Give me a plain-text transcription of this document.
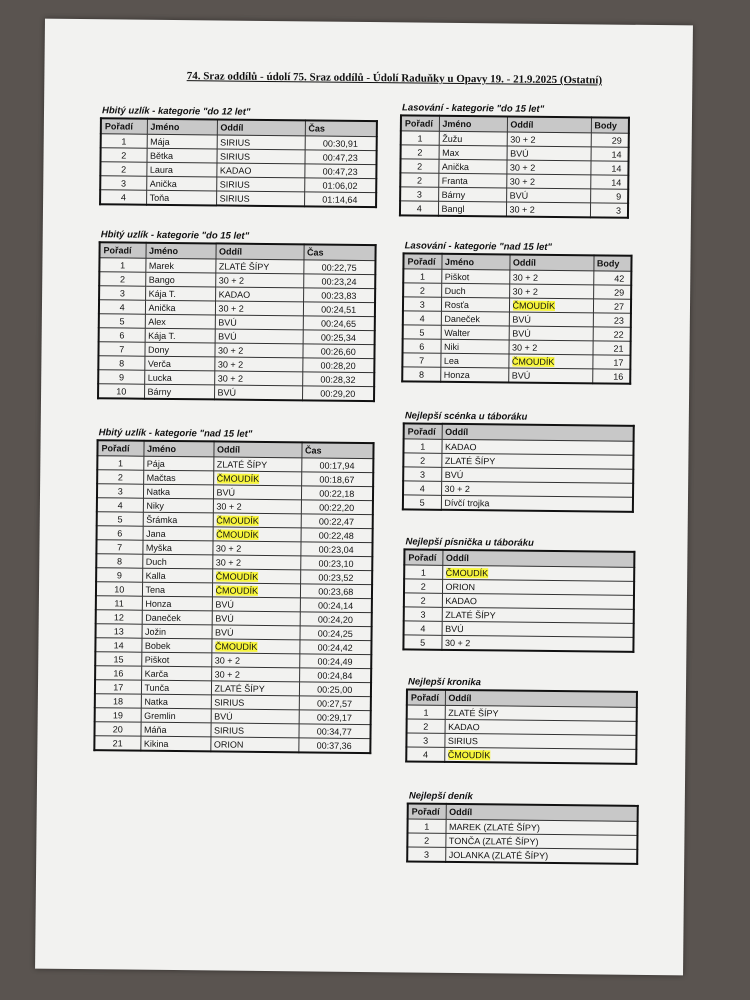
74. Sraz oddílů - údolí 75. Sraz oddílů - Údolí Raduňky u Opavy 19. - 21.9.2025 (Ostatní)
Hbitý uzlík - kategorie "do 12 let"
Pořadí	Jméno	Oddíl	Čas
1	Mája	SIRIUS	00:30,91
2	Bětka	SIRIUS	00:47,23
2	Laura	KADAO	00:47,23
3	Anička	SIRIUS	01:06,02
4	Toňa	SIRIUS	01:14,64
Hbitý uzlík - kategorie "do 15 let"
Pořadí	Jméno	Oddíl	Čas
1	Marek	ZLATÉ ŠÍPY	00:22,75
2	Bango	30 + 2	00:23,24
3	Kája T.	KADAO	00:23,83
4	Anička	30 + 2	00:24,51
5	Alex	BVÚ	00:24,65
6	Kája T.	BVÚ	00:25,34
7	Dony	30 + 2	00:26,60
8	Verča	30 + 2	00:28,20
9	Lucka	30 + 2	00:28,32
10	Bárny	BVÚ	00:29,20
Hbitý uzlík - kategorie "nad 15 let"
Pořadí	Jméno	Oddíl	Čas
1	Pája	ZLATÉ ŠÍPY	00:17,94
2	Mačtas	ČMOUDÍK	00:18,67
3	Natka	BVÚ	00:22,18
4	Niky	30 + 2	00:22,20
5	Šrámka	ČMOUDÍK	00:22,47
6	Jana	ČMOUDÍK	00:22,48
7	Myška	30 + 2	00:23,04
8	Duch	30 + 2	00:23,10
9	Kalla	ČMOUDÍK	00:23,52
10	Tena	ČMOUDÍK	00:23,68
11	Honza	BVÚ	00:24,14
12	Daneček	BVÚ	00:24,20
13	Jožin	BVÚ	00:24,25
14	Bobek	ČMOUDÍK	00:24,42
15	Piškot	30 + 2	00:24,49
16	Karča	30 + 2	00:24,84
17	Tunča	ZLATÉ ŠÍPY	00:25,00
18	Natka	SIRIUS	00:27,57
19	Gremlin	BVÚ	00:29,17
20	Máňa	SIRIUS	00:34,77
21	Kikina	ORION	00:37,36
Lasování - kategorie "do 15 let"
Pořadí	Jméno	Oddíl	Body
1	Žužu	30 + 2	29
2	Max	BVÚ	14
2	Anička	30 + 2	14
2	Franta	30 + 2	14
3	Bárny	BVÚ	9
4	Bangl	30 + 2	3
Lasování - kategorie "nad 15 let"
Pořadí	Jméno	Oddíl	Body
1	Piškot	30 + 2	42
2	Duch	30 + 2	29
3	Rosťa	ČMOUDÍK	27
4	Daneček	BVÚ	23
5	Walter	BVÚ	22
6	Niki	30 + 2	21
7	Lea	ČMOUDÍK	17
8	Honza	BVÚ	16
Nejlepší scénka u táboráku
Pořadí	Oddíl
1	KADAO
2	ZLATÉ ŠÍPY
3	BVÚ
4	30 + 2
5	Dívčí trojka
Nejlepší písnička u táboráku
Pořadí	Oddíl
1	ČMOUDÍK
2	ORION
2	KADAO
3	ZLATÉ ŠÍPY
4	BVÚ
5	30 + 2
Nejlepší kronika
Pořadí	Oddíl
1	ZLATÉ ŠÍPY
2	KADAO
3	SIRIUS
4	ČMOUDÍK
Nejlepší deník
Pořadí	Oddíl
1	MAREK (ZLATÉ ŠÍPY)
2	TONČA (ZLATÉ ŠÍPY)
3	JOLANKA (ZLATÉ ŠÍPY)
